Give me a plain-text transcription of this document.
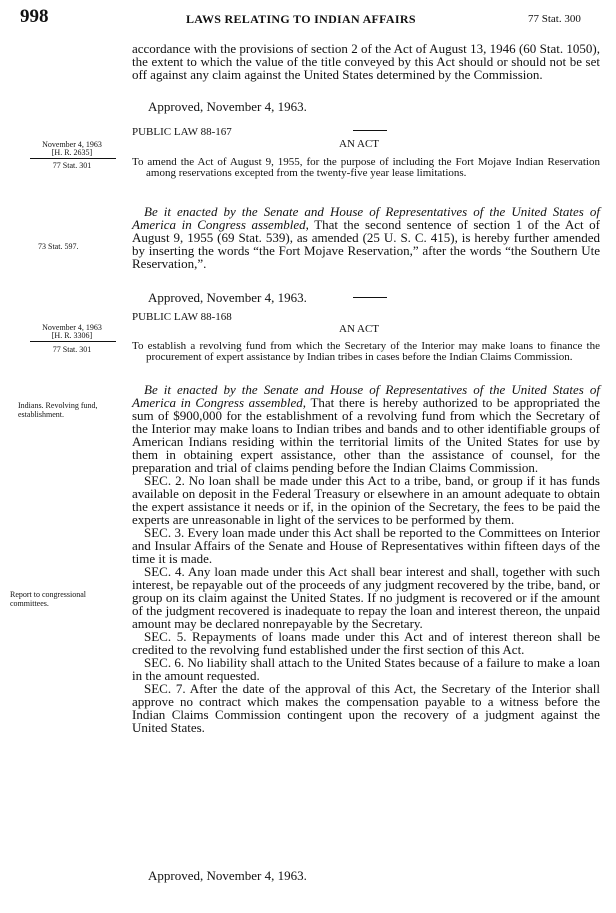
998	LAWS RELATING TO INDIAN AFFAIRS	77 Stat. 300

accordance with the provisions of section 2 of the Act of August 13, 1946 (60 Stat. 1050), the extent to which the value of the title conveyed by this Act should or should not be set off against any claim against the United States determined by the Commission.

Approved, November 4, 1963.
PUBLIC LAW 88-167
AN ACT
November 4, 1963
[H. R. 2635]
77 Stat. 301	To amend the Act of August 9, 1955, for the purpose of including the Fort Mojave Indian Reservation among reservations excepted from the twenty-five year lease limitations.

73 Stat. 597.

Be it enacted by the Senate and House of Representatives of the United States of America in Congress assembled, That the second sentence of section 1 of the Act of August 9, 1955 (69 Stat. 539), as amended (25 U. S. C. 415), is hereby further amended by inserting the words “the Fort Mojave Reservation,” after the words “the Southern Ute Reservation,”.

Approved, November 4, 1963.
PUBLIC LAW 88-168
AN ACT
November 4, 1963
[H. R. 3306]
77 Stat. 301	To establish a revolving fund from which the Secretary of the Interior may make loans to finance the procurement of expert assistance by Indian tribes in cases before the Indian Claims Commission.

Indians. Revolving fund, establishment.
Report to congressional committees.

Be it enacted by the Senate and House of Representatives of the United States of America in Congress assembled, That there is hereby authorized to be appropriated the sum of $900,000 for the establishment of a revolving fund from which the Secretary of the Interior may make loans to Indian tribes and bands and to other identifiable groups of American Indians residing within the territorial limits of the United States for use by them in obtaining expert assistance, other than the assistance of counsel, for the preparation and trial of claims pending before the Indian Claims Commission.

SEC. 2. No loan shall be made under this Act to a tribe, band, or group if it has funds available on deposit in the Federal Treasury or elsewhere in an amount adequate to obtain the expert assistance it needs or if, in the opinion of the Secretary, the fees to be paid the experts are unreasonable in light of the services to be performed by them.

SEC. 3. Every loan made under this Act shall be reported to the Committees on Interior and Insular Affairs of the Senate and House of Representatives within fifteen days of the time it is made.

SEC. 4. Any loan made under this Act shall bear interest and shall, together with such interest, be repayable out of the proceeds of any judgment recovered by the tribe, band, or group on its claim against the United States. If no judgment is recovered or if the amount of the judgment recovered is inadequate to repay the loan and interest thereon, the unpaid amount may be declared nonrepayable by the Secretary.

SEC. 5. Repayments of loans made under this Act and of interest thereon shall be credited to the revolving fund established under the first section of this Act.

SEC. 6. No liability shall attach to the United States because of a failure to make a loan in the amount requested.

SEC. 7. After the date of the approval of this Act, the Secretary of the Interior shall approve no contract which makes the compensation payable to a witness before the Indian Claims Commission contingent upon the recovery of a judgment against the United States.

Approved, November 4, 1963.
